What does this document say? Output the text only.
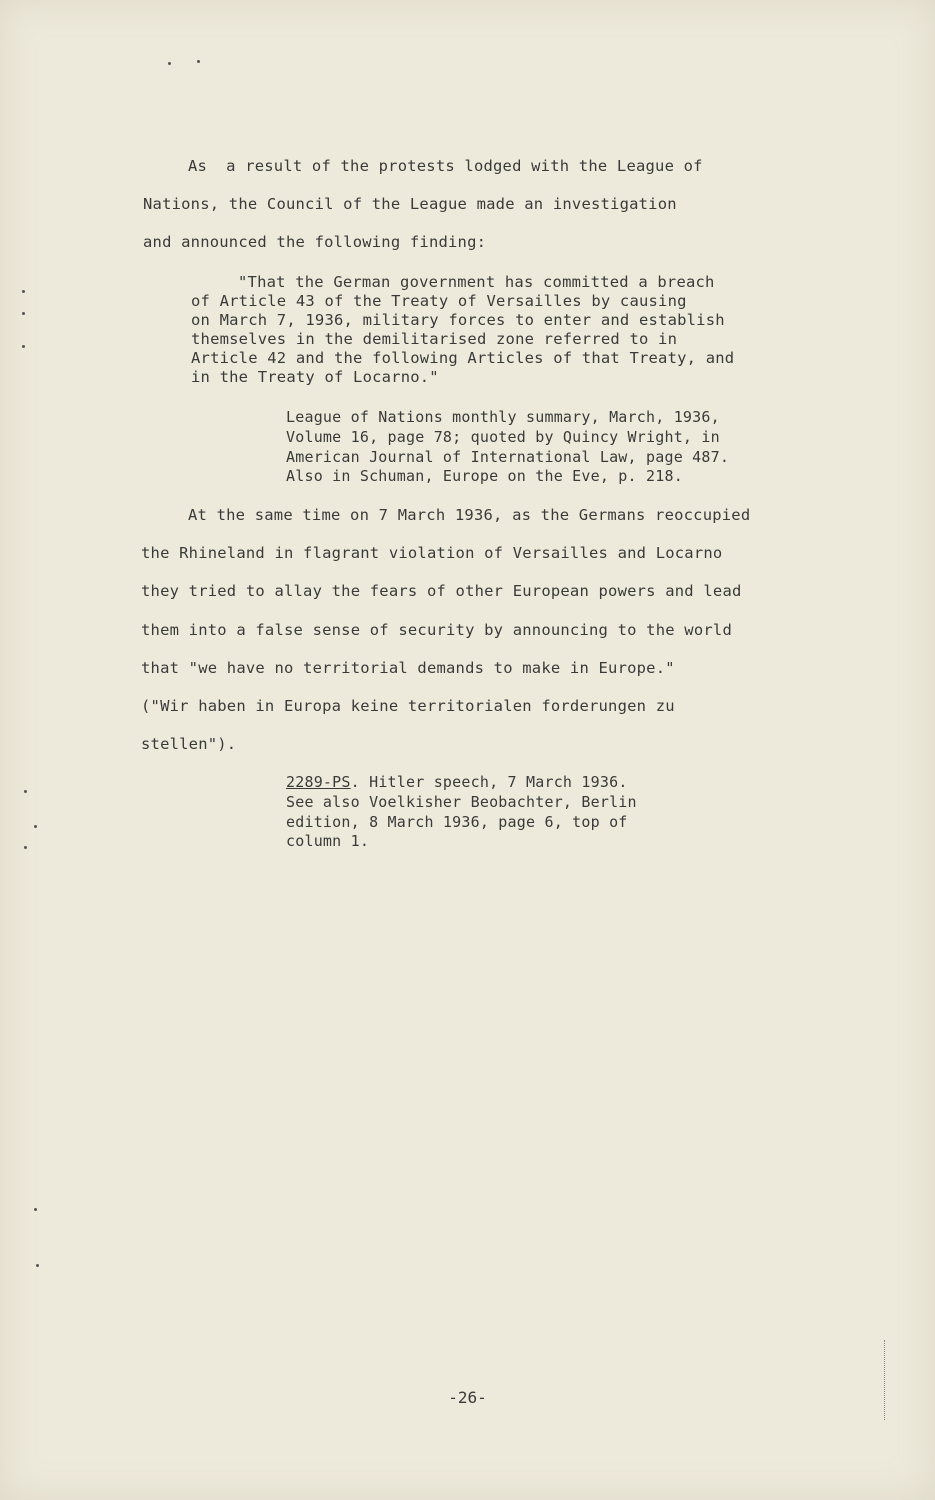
As  a result of the protests lodged with the League of
Nations, the Council of the League made an investigation
and announced the following finding:
"That the German government has committed a breach
of Article 43 of the Treaty of Versailles by causing
on March 7, 1936, military forces to enter and establish
themselves in the demilitarised zone referred to in
Article 42 and the following Articles of that Treaty, and
in the Treaty of Locarno."
League of Nations monthly summary, March, 1936,
Volume 16, page 78; quoted by Quincy Wright, in
American Journal of International Law, page 487.
Also in Schuman, Europe on the Eve, p. 218.
At the same time on 7 March 1936, as the Germans reoccupied
the Rhineland in flagrant violation of Versailles and Locarno
they tried to allay the fears of other European powers and lead
them into a false sense of security by announcing to the world
that "we have no territorial demands to make in Europe."
("Wir haben in Europa keine territorialen forderungen zu
stellen").
2289-PS. Hitler speech, 7 March 1936.
See also Voelkisher Beobachter, Berlin
edition, 8 March 1936, page 6, top of
column 1.
-26-
